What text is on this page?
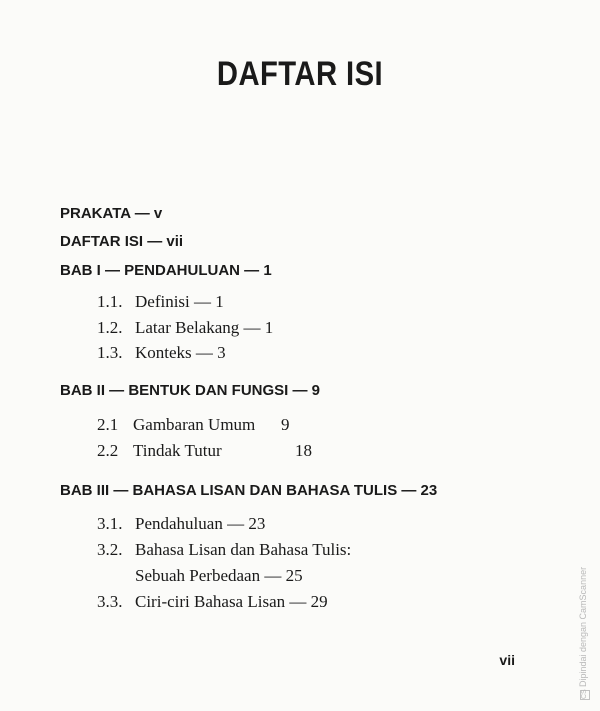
DAFTAR ISI
PRAKATA — v
DAFTAR ISI — vii
BAB I — PENDAHULUAN — 1
1.1. Definisi — 1
1.2. Latar Belakang — 1
1.3. Konteks — 3
BAB II — BENTUK DAN FUNGSI — 9
2.1 Gambaran Umum 9
2.2 Tindak Tutur	18
BAB III — BAHASA LISAN DAN BAHASA TULIS — 23
3.1. Pendahuluan — 23
3.2. Bahasa Lisan dan Bahasa Tulis:
Sebuah Perbedaan — 25
3.3. Ciri-ciri Bahasa Lisan — 29
vii
CSDipindai dengan CamScanner
